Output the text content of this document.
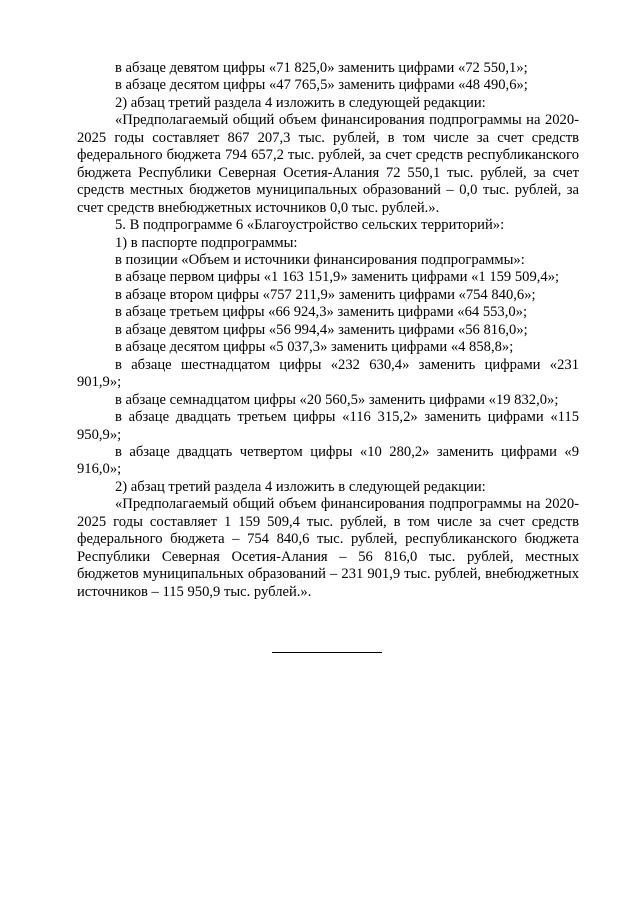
в абзаце девятом цифры «71 825,0» заменить цифрами «72 550,1»;

в абзаце десятом цифры «47 765,5» заменить цифрами «48 490,6»;

2) абзац третий раздела 4 изложить в следующей редакции:

«Предполагаемый общий объем финансирования подпрограммы на 2020-2025 годы составляет 867 207,3 тыс. рублей, в том числе за счет средств федерального бюджета 794 657,2 тыс. рублей, за счет средств республиканского бюджета Республики Северная Осетия-Алания 72 550,1 тыс. рублей, за счет средств местных бюджетов муниципальных образований – 0,0 тыс. рублей, за счет средств внебюджетных источников 0,0 тыс. рублей.».

5. В подпрограмме 6 «Благоустройство сельских территорий»:

1) в паспорте подпрограммы:

в позиции «Объем и источники финансирования подпрограммы»:

в абзаце первом цифры «1 163 151,9» заменить цифрами «1 159 509,4»;

в абзаце втором цифры «757 211,9» заменить цифрами «754 840,6»;

в абзаце третьем цифры «66 924,3» заменить цифрами «64 553,0»;

в абзаце девятом цифры «56 994,4» заменить цифрами «56 816,0»;

в абзаце десятом цифры «5 037,3» заменить цифрами «4 858,8»;

в абзаце шестнадцатом цифры «232 630,4» заменить цифрами «231 901,9»;

в абзаце семнадцатом цифры «20 560,5» заменить цифрами «19 832,0»;

в абзаце двадцать третьем цифры «116 315,2» заменить цифрами «115 950,9»;

в абзаце двадцать четвертом цифры «10 280,2» заменить цифрами «9 916,0»;

2) абзац третий раздела 4 изложить в следующей редакции:

«Предполагаемый общий объем финансирования подпрограммы на 2020-2025 годы составляет 1 159 509,4 тыс. рублей, в том числе за счет средств федерального бюджета – 754 840,6 тыс. рублей, республиканского бюджета Республики Северная Осетия-Алания – 56 816,0 тыс. рублей, местных бюджетов муниципальных образований – 231 901,9 тыс. рублей, внебюджетных источников – 115 950,9 тыс. рублей.».
